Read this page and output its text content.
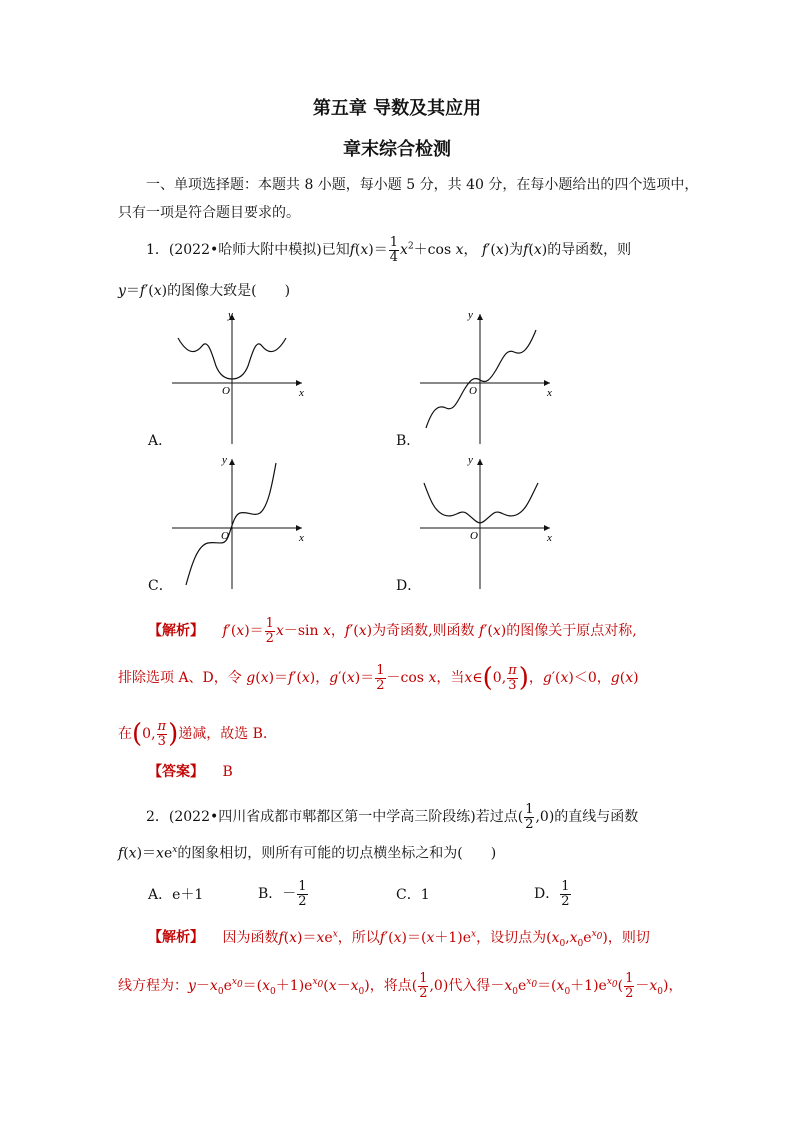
第五章 导数及其应用
章末综合检测
一、单项选择题：本题共 8 小题，每小题 5 分，共 40 分，在每小题给出的四个选项中，
只有一项是符合题目要求的。
1．(2022•哈师大附中模拟)已知$f(x)= \frac{1}{4} x^2+\cos$ x， f′(x)为f(x)的导函数，则
y＝f′(x)的图像大致是(　　)
y
x
O
A．
y
x
O
B．
y
x
O
C．
y
x
O
D．
【解析】 $f'(x)= \frac{1}{2} x-\sin$ x，f′(x)为奇函数,则函数 f′(x)的图像关于原点对称,
排除选项 A、D，令 g(x)＝f′(x)，$g'(x)= \frac{1}{2} -\cos$ x，当x∈(0, $\frac{\pi}{3}$ )，g′(x)＜0，g(x)
在(0, $\frac{\pi}{3}$ )递减，故选 B．
【答案】 B
2．(2022•四川省成都市郫都区第一中学高三阶段练)若过点( $\frac{1}{2} ,0$)的直线与函数
$f(x)=xe^x$的图象相切，则所有可能的切点横坐标之和为(　　)
A．e＋1	B．－ $\frac{1}{2}$	C．1	D． $\frac{1}{2}$
【解析】 因为函数$f(x)=xe^x$，所以$f'(x)=(x+1)e^x$，设切点为$(x_0,x_0e^{x_0})$，则切
线方程为：$y-x_0e^{x_0}=(x_0+1)e^{x_0}(x-x_0)$，将点( $\frac{1}{2} ,0$)代入得$-x_0e^{x_0}=(x_0+1)e^{x_0}( \frac{1}{2} -x_0)$，
